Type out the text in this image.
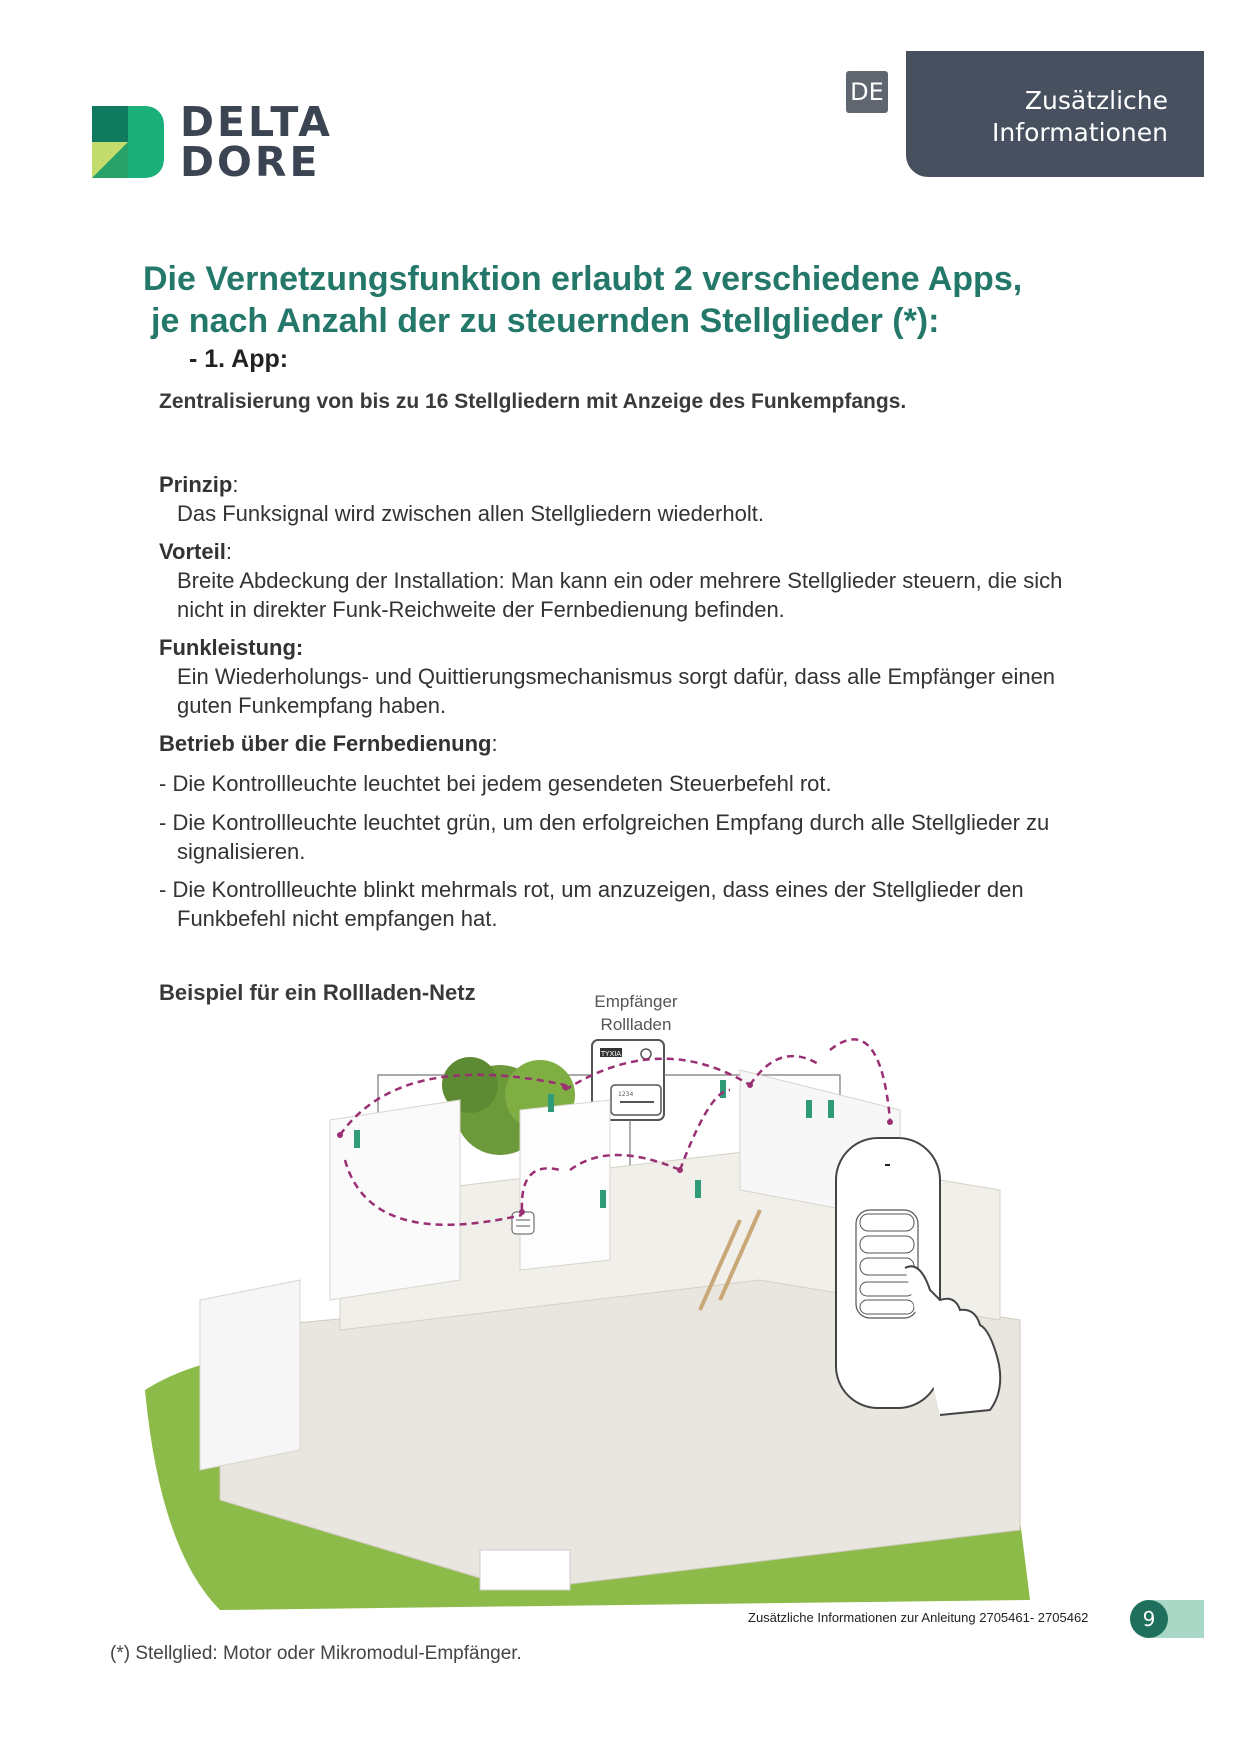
DELTA
DORE
DE	Zusätzliche
Informationen
Die Vernetzungsfunktion erlaubt 2 verschiedene Apps,
je nach Anzahl der zu steuernden Stellglieder (*):
- 1. App:
Zentralisierung von bis zu 16 Stellgliedern mit Anzeige des Funkempfangs.
Prinzip:
Das Funksignal wird zwischen allen Stellgliedern wiederholt.
Vorteil:
Breite Abdeckung der Installation: Man kann ein oder mehrere Stellglieder steuern, die sich
nicht in direkter Funk-Reichweite der Fernbedienung befinden.
Funkleistung:
Ein Wiederholungs- und Quittierungsmechanismus sorgt dafür, dass alle Empfänger einen
guten Funkempfang haben.
Betrieb über die Fernbedienung:
- Die Kontrollleuchte leuchtet bei jedem gesendeten Steuerbefehl rot.
- Die Kontrollleuchte leuchtet grün, um den erfolgreichen Empfang durch alle Stellglieder zu
signalisieren.
- Die Kontrollleuchte blinkt mehrmals rot, um anzuzeigen, dass eines der Stellglieder den
Funkbefehl nicht empfangen hat.
Beispiel für ein Rollladen-Netz	Empfänger
Rollladen
TYXIA
1234
Zusätzliche Informationen zur Anleitung 2705461- 2705462	9
(*) Stellglied: Motor oder Mikromodul-Empfänger.
